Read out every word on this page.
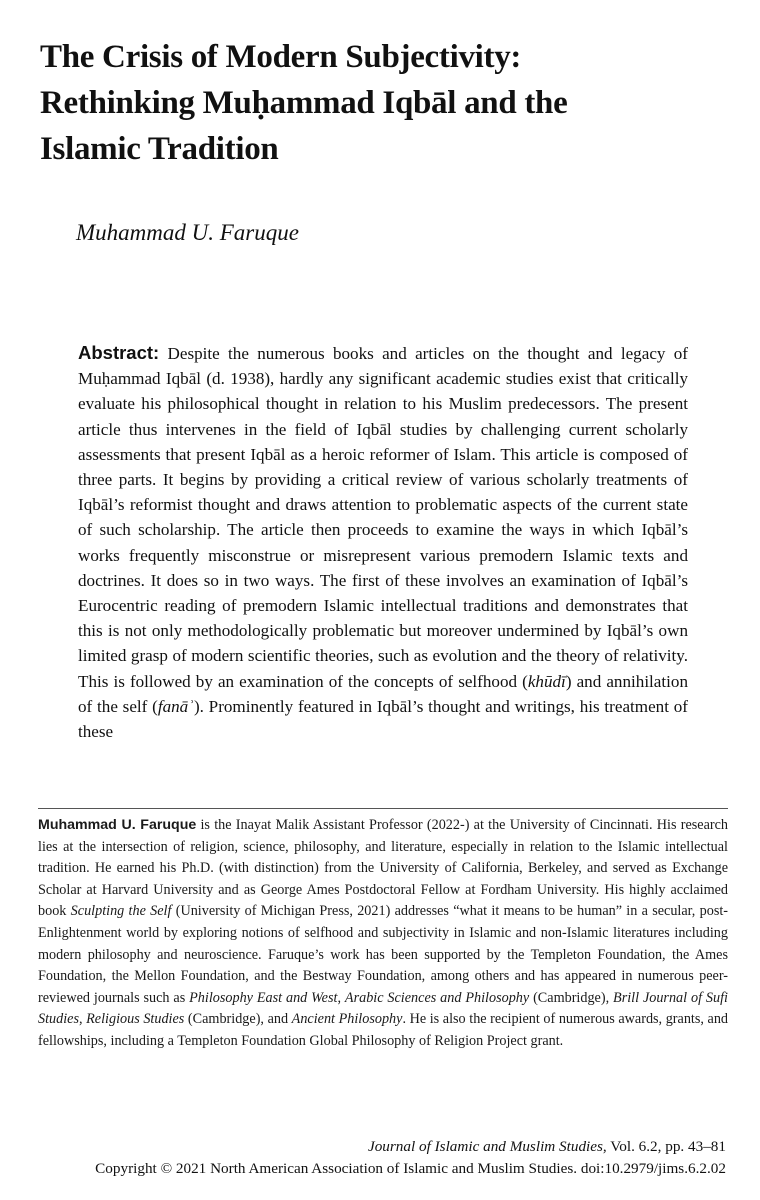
The Crisis of Modern Subjectivity:
Rethinking Muḥammad Iqbāl and the
Islamic Tradition

Muhammad U. Faruque

Abstract: Despite the numerous books and articles on the thought and legacy of Muḥammad Iqbāl (d. 1938), hardly any significant academic studies exist that critically evaluate his philosophical thought in relation to his Muslim predecessors. The present article thus intervenes in the field of Iqbāl studies by challenging current scholarly assessments that present Iqbāl as a heroic reformer of Islam. This article is composed of three parts. It begins by providing a critical review of various scholarly treatments of Iqbāl’s reformist thought and draws attention to problematic aspects of the current state of such scholarship. The article then proceeds to examine the ways in which Iqbāl’s works frequently misconstrue or misrepresent various premodern Islamic texts and doctrines. It does so in two ways. The first of these involves an examination of Iqbāl’s Eurocentric reading of premodern Islamic intellectual traditions and demonstrates that this is not only methodologically problematic but moreover undermined by Iqbāl’s own limited grasp of modern scientific theories, such as evolution and the theory of relativity. This is followed by an examination of the concepts of selfhood (khūdī) and annihilation of the self (fanāʾ). Prominently featured in Iqbāl’s thought and writings, his treatment of these

Muhammad U. Faruque is the Inayat Malik Assistant Professor (2022-) at the University of Cincinnati. His research lies at the intersection of religion, science, philosophy, and literature, especially in relation to the Islamic intellectual tradition. He earned his Ph.D. (with distinction) from the University of California, Berkeley, and served as Exchange Scholar at Harvard University and as George Ames Postdoctoral Fellow at Fordham University. His highly acclaimed book Sculpting the Self (University of Michigan Press, 2021) addresses “what it means to be human” in a secular, post-Enlightenment world by exploring notions of selfhood and subjectivity in Islamic and non-Islamic literatures including modern philosophy and neuroscience. Faruque’s work has been supported by the Templeton Foundation, the Ames Foundation, the Mellon Foundation, and the Bestway Foundation, among others and has appeared in numerous peer-reviewed journals such as Philosophy East and West, Arabic Sciences and Philosophy (Cambridge), Brill Journal of Sufi Studies, Religious Studies (Cambridge), and Ancient Philosophy. He is also the recipient of numerous awards, grants, and fellowships, including a Templeton Foundation Global Philosophy of Religion Project grant.

Journal of Islamic and Muslim Studies, Vol. 6.2, pp. 43–81
Copyright © 2021 North American Association of Islamic and Muslim Studies. doi:10.2979/jims.6.2.02
